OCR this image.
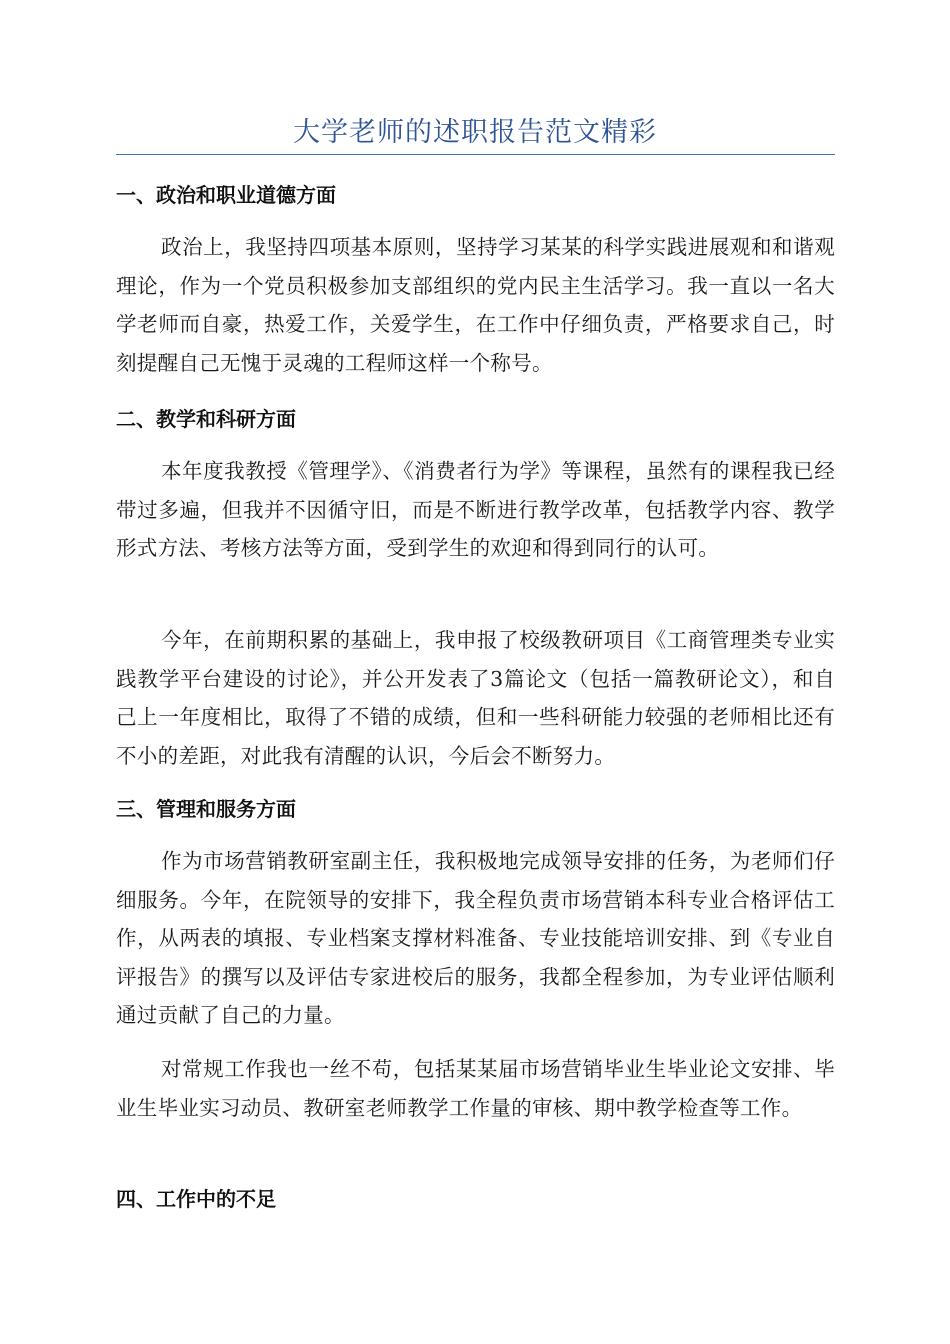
大学老师的述职报告范文精彩
一、政治和职业道德方面
政治上，我坚持四项基本原则，坚持学习某某的科学实践进展观和和谐观理论，作为一个党员积极参加支部组织的党内民主生活学习。我一直以一名大学老师而自豪，热爱工作，关爱学生，在工作中仔细负责，严格要求自己，时刻提醒自己无愧于灵魂的工程师这样一个称号。
二、教学和科研方面
本年度我教授《管理学》、《消费者行为学》等课程，虽然有的课程我已经带过多遍，但我并不因循守旧，而是不断进行教学改革，包括教学内容、教学形式方法、考核方法等方面，受到学生的欢迎和得到同行的认可。
今年，在前期积累的基础上，我申报了校级教研项目《工商管理类专业实践教学平台建设的讨论》，并公开发表了3篇论文（包括一篇教研论文），和自己上一年度相比，取得了不错的成绩，但和一些科研能力较强的老师相比还有不小的差距，对此我有清醒的认识，今后会不断努力。
三、管理和服务方面
作为市场营销教研室副主任，我积极地完成领导安排的任务，为老师们仔细服务。今年，在院领导的安排下，我全程负责市场营销本科专业合格评估工作，从两表的填报、专业档案支撑材料准备、专业技能培训安排、到《专业自评报告》的撰写以及评估专家进校后的服务，我都全程参加，为专业评估顺利通过贡献了自己的力量。
对常规工作我也一丝不苟，包括某某届市场营销毕业生毕业论文安排、毕业生毕业实习动员、教研室老师教学工作量的审核、期中教学检查等工作。
四、工作中的不足
